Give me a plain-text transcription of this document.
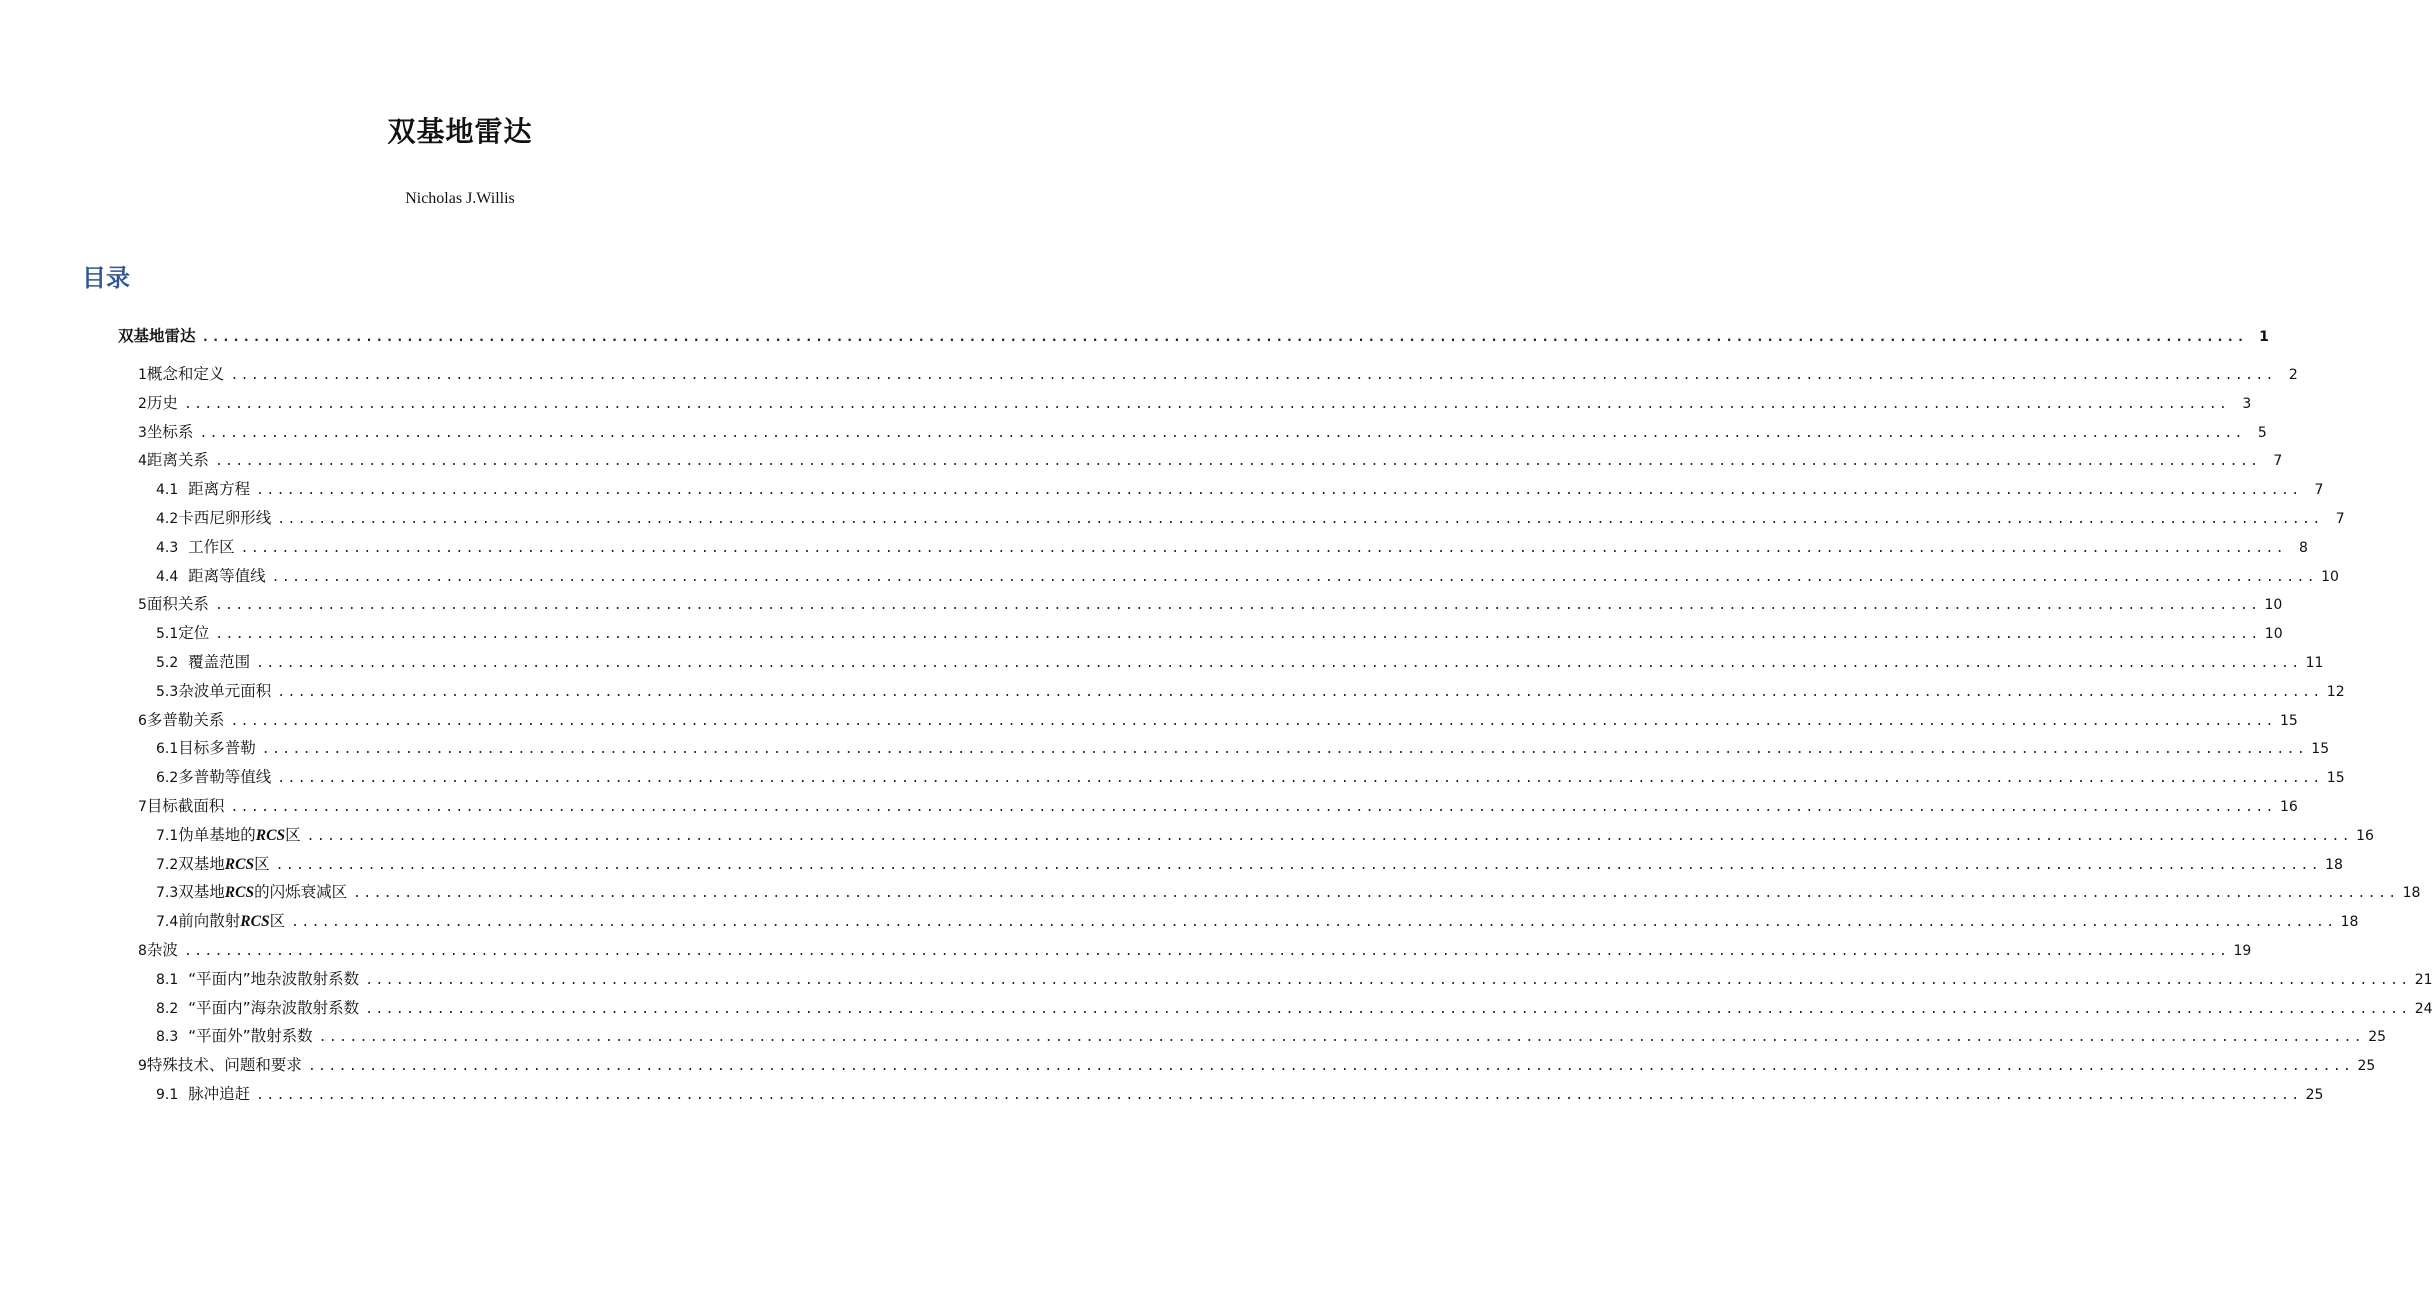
双基地雷达

Nicholas J.Willis

目录
双基地雷达 ........................................................................................................................................................................................................ 1
1 概念和定义 ........................................................................................................................................................................................................ 2
2 历史 ........................................................................................................................................................................................................ 3
3 坐标系 ........................................................................................................................................................................................................ 5
4 距离关系 ........................................................................................................................................................................................................ 7
4.1 距离方程 ........................................................................................................................................................................................................ 7
4.2 卡西尼卵形线 ........................................................................................................................................................................................................ 7
4.3 工作区 ........................................................................................................................................................................................................ 8
4.4 距离等值线 ........................................................................................................................................................................................................ 10
5 面积关系 ........................................................................................................................................................................................................ 10
5.1 定位 ........................................................................................................................................................................................................ 10
5.2 覆盖范围 ........................................................................................................................................................................................................ 11
5.3 杂波单元面积 ........................................................................................................................................................................................................ 12
6 多普勒关系 ........................................................................................................................................................................................................ 15
6.1 目标多普勒 ........................................................................................................................................................................................................ 15
6.2 多普勒等值线 ........................................................................................................................................................................................................ 15
7 目标截面积 ........................................................................................................................................................................................................ 16
7.1 伪单基地的RCS区 ........................................................................................................................................................................................................ 16
7.2 双基地RCS区 ........................................................................................................................................................................................................ 18
7.3 双基地RCS的闪烁衰减区 ........................................................................................................................................................................................................ 18
7.4 前向散射RCS区 ........................................................................................................................................................................................................ 18
8 杂波 ........................................................................................................................................................................................................ 19
8.1 “平面内”地杂波散射系数 ........................................................................................................................................................................................................ 21
8.2 “平面内”海杂波散射系数 ........................................................................................................................................................................................................ 24
8.3 “平面外”散射系数 ........................................................................................................................................................................................................ 25
9 特殊技术、问题和要求 ........................................................................................................................................................................................................ 25
9.1 脉冲追赶 ........................................................................................................................................................................................................ 25
